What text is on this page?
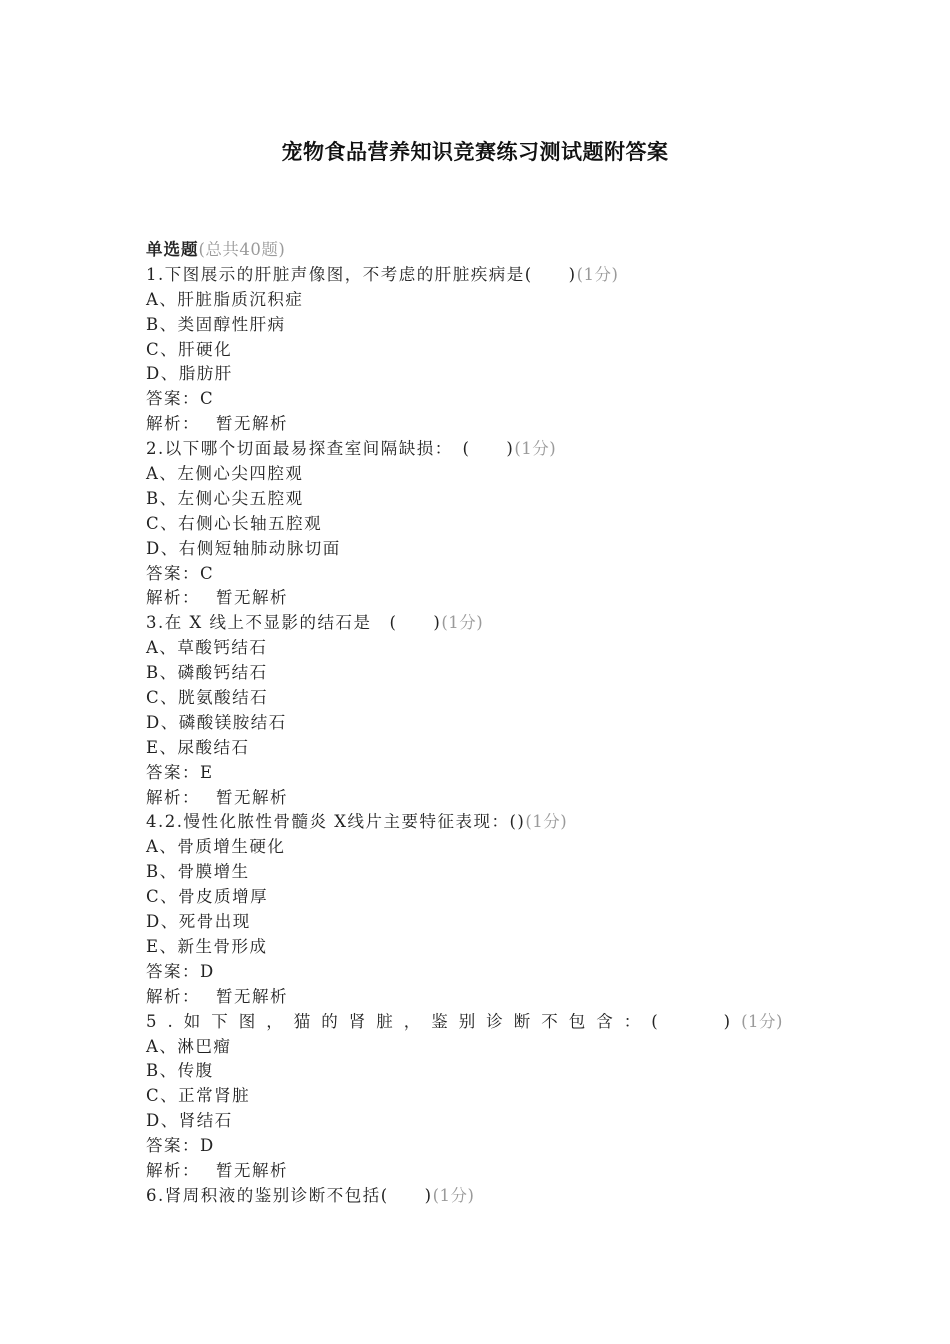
宠物食品营养知识竞赛练习测试题附答案
单选题(总共40题)
1.下图展示的肝脏声像图，不考虑的肝脏疾病是(　　)(1分)
A、肝脏脂质沉积症
B、类固醇性肝病
C、肝硬化
D、脂肪肝
答案：C
解析： 暂无解析
2.以下哪个切面最易探查室间隔缺损：　(　　)(1分)
A、左侧心尖四腔观
B、左侧心尖五腔观
C、右侧心长轴五腔观
D、右侧短轴肺动脉切面
答案：C
解析： 暂无解析
3.在 X 线上不显影的结石是　(　　)(1分)
A、草酸钙结石
B、磷酸钙结石
C、胱氨酸结石
D、磷酸镁胺结石
E、尿酸结石
答案：E
解析： 暂无解析
4.2.慢性化脓性骨髓炎 X线片主要特征表现：()(1分)
A、骨质增生硬化
B、骨膜增生
C、骨皮质增厚
D、死骨出现
E、新生骨形成
答案：D
解析： 暂无解析
5.如下图，猫的肾脏，鉴别诊断不包含：(　　)(1分)
A、淋巴瘤
B、传腹
C、正常肾脏
D、肾结石
答案：D
解析： 暂无解析
6.肾周积液的鉴别诊断不包括(　　)(1分)
